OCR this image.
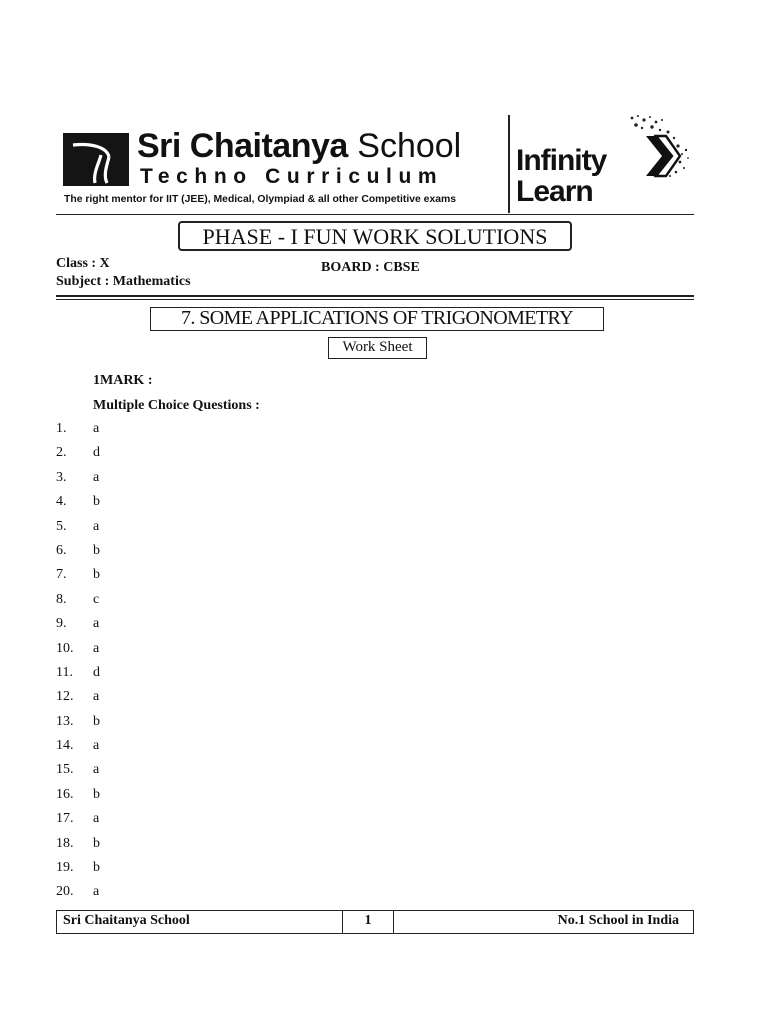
Sri Chaitanya School
Techno Curriculum
The right mentor for IIT (JEE), Medical, Olympiad & all other Competitive exams
Infinity
Learn
PHASE - I FUN WORK SOLUTIONS
Class : X	BOARD : CBSE
Subject : Mathematics
7. SOME APPLICATIONS OF TRIGONOMETRY
Work Sheet
1MARK :
Multiple Choice Questions :
1. a
2. d
3. a
4. b
5. a
6. b
7. b
8. c
9. a
10. a
11. d
12. a
13. b
14. a
15. a
16. b
17. a
18. b
19. b
20. a
Sri Chaitanya School	1	No.1 School in India
